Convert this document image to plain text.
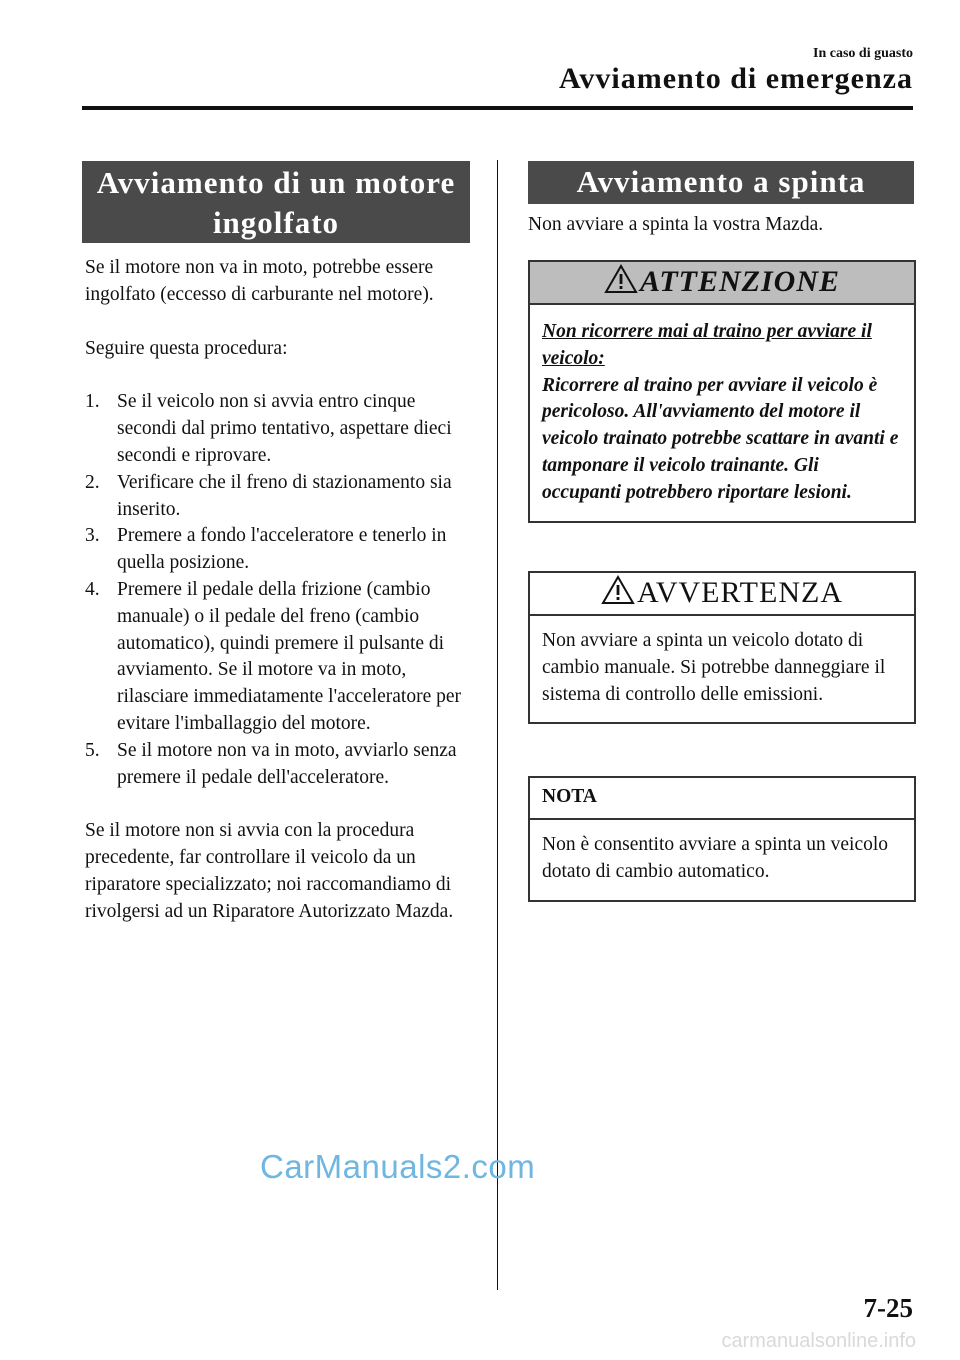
In caso di guasto
Avviamento di emergenza
Avviamento di un motore
ingolfato

Se il motore non va in moto, potrebbe essere ingolfato (eccesso di carburante nel motore).

Seguire questa procedura:

1. Se il veicolo non si avvia entro cinque secondi dal primo tentativo, aspettare dieci secondi e riprovare.
2. Verificare che il freno di stazionamento sia inserito.
3. Premere a fondo l'acceleratore e tenerlo in quella posizione.
4. Premere il pedale della frizione (cambio manuale) o il pedale del freno (cambio automatico), quindi premere il pulsante di avviamento. Se il motore va in moto, rilasciare immediatamente l'acceleratore per evitare l'imballaggio del motore.
5. Se il motore non va in moto, avviarlo senza premere il pedale dell'acceleratore.

Se il motore non si avvia con la procedura precedente, far controllare il veicolo da un riparatore specializzato; noi raccomandiamo di rivolgersi ad un Riparatore Autorizzato Mazda.

Avviamento a spinta
Non avviare a spinta la vostra Mazda.
ATTENZIONE
Non ricorrere mai al traino per avviare il veicolo:
Ricorrere al traino per avviare il veicolo è pericoloso. All'avviamento del motore il veicolo trainato potrebbe scattare in avanti e tamponare il veicolo trainante. Gli occupanti potrebbero riportare lesioni.
AVVERTENZA
Non avviare a spinta un veicolo dotato di cambio manuale. Si potrebbe danneggiare il sistema di controllo delle emissioni.
NOTA
Non è consentito avviare a spinta un veicolo dotato di cambio automatico.
CarManuals2.com
7-25
carmanualsonline.info
